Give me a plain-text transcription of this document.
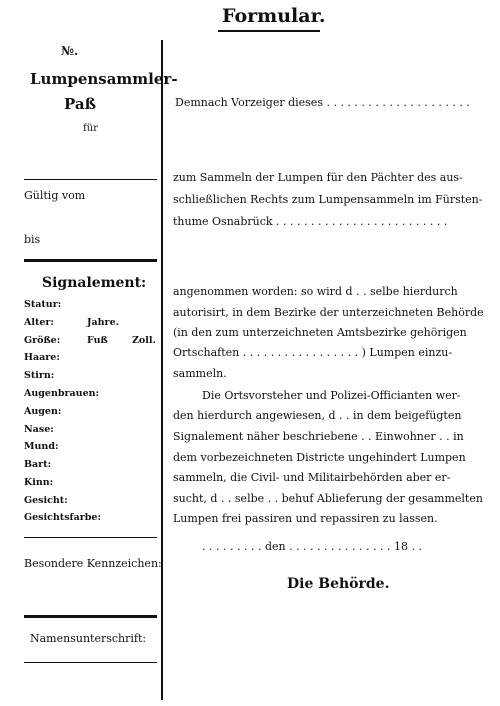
Formular.
№.
Lumpensammler-
Paß
für
Gültig vom
bis
Signalement:
Statur:
Alter:	Jahre.
Größe:	Fuß	Zoll.
Haare:
Stirn:
Augenbrauen:
Augen:
Nase:
Mund:
Bart:
Kinn:
Gesicht:
Gesichtsfarbe:
Besondere Kennzeichen:
Namensunterschrift:
Demnach Vorzeiger dieses . . . . . . . . . . . . . . . . . . . . .
zum Sammeln der Lumpen für den Pächter des aus-
schließlichen Rechts zum Lumpensammeln im Fürsten-
thume Osnabrück . . . . . . . . . . . . . . . . . . . . . . . . .
angenommen worden: so wird d . . selbe hierdurch
autorisirt, in dem Bezirke der unterzeichneten Behörde
(in den zum unterzeichneten Amtsbezirke gehörigen
Ortschaften . . . . . . . . . . . . . . . . . ) Lumpen einzu-
sammeln.
Die Ortsvorsteher und Polizei-Officianten wer-
den hierdurch angewiesen, d . . in dem beigefügten
Signalement näher beschriebene . . Einwohner . . in
dem vorbezeichneten Districte ungehindert Lumpen
sammeln, die Civil- und Militairbehörden aber er-
sucht, d . . selbe . . behuf Ablieferung der gesammelten
Lumpen frei passiren und repassiren zu lassen.
. . . . . . . . . den . . . . . . . . . . . . . . . 18 . .
Die Behörde.
